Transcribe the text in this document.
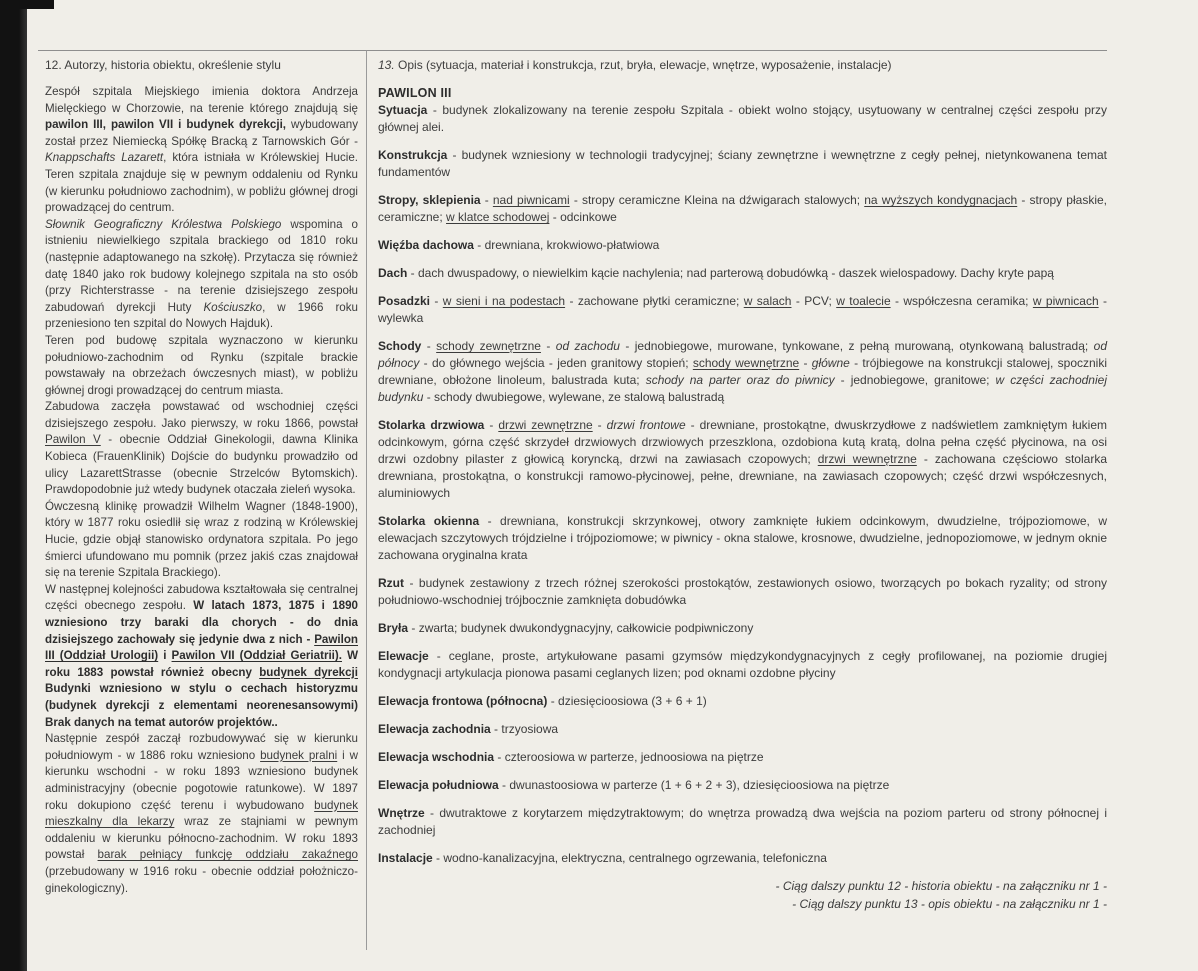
12. Autorzy, historia obiektu, określenie stylu

Zespół szpitala Miejskiego imienia doktora Andrzeja Mielęckiego w Chorzowie, na terenie którego znajdują się pawilon III, pawilon VII i budynek dyrekcji, wybudowany został przez Niemiecką Spółkę Bracką z Tarnowskich Gór - Knappschafts Lazarett, która istniała w Królewskiej Hucie. Teren szpitala znajduje się w pewnym oddaleniu od Rynku (w kierunku południowo zachodnim), w pobliżu głównej drogi prowadzącej do centrum.

Słownik Geograficzny Królestwa Polskiego wspomina o istnieniu niewielkiego szpitala brackiego od 1810 roku (następnie adaptowanego na szkołę). Przytacza się również datę 1840 jako rok budowy kolejnego szpitala na sto osób (przy Richterstrasse - na terenie dzisiejszego zespołu zabudowań dyrekcji Huty Kościuszko, w 1966 roku przeniesiono ten szpital do Nowych Hajduk).

Teren pod budowę szpitala wyznaczono w kierunku południowo-zachodnim od Rynku (szpitale brackie powstawały na obrzeżach ówczesnych miast), w pobliżu głównej drogi prowadzącej do centrum miasta.

Zabudowa zaczęła powstawać od wschodniej części dzisiejszego zespołu. Jako pierwszy, w roku 1866, powstał Pawilon V - obecnie Oddział Ginekologii, dawna Klinika Kobieca (FrauenKlinik) Dojście do budynku prowadziło od ulicy LazarettStrasse (obecnie Strzelców Bytomskich). Prawdopodobnie już wtedy budynek otaczała zieleń wysoka.

Ówczesną klinikę prowadził Wilhelm Wagner (1848-1900), który w 1877 roku osiedlił się wraz z rodziną w Królewskiej Hucie, gdzie objął stanowisko ordynatora szpitala. Po jego śmierci ufundowano mu pomnik (przez jakiś czas znajdował się na terenie Szpitala Brackiego).

W następnej kolejności zabudowa kształtowała się centralnej części obecnego zespołu. W latach 1873, 1875 i 1890 wzniesiono trzy baraki dla chorych - do dnia dzisiejszego zachowały się jedynie dwa z nich - Pawilon III (Oddział Urologii) i Pawilon VII (Oddział Geriatrii). W roku 1883 powstał również obecny budynek dyrekcji Budynki wzniesiono w stylu o cechach historyzmu (budynek dyrekcji z elementami neorenesansowymi) Brak danych na temat autorów projektów..

Następnie zespół zaczął rozbudowywać się w kierunku południowym - w 1886 roku wzniesiono budynek pralni i w kierunku wschodni - w roku 1893 wzniesiono budynek administracyjny (obecnie pogotowie ratunkowe). W 1897 roku dokupiono część terenu i wybudowano budynek mieszkalny dla lekarzy wraz ze stajniami w pewnym oddaleniu w kierunku północno-zachodnim. W roku 1893 powstał barak pełniący funkcję oddziału zakaźnego (przebudowany w 1916 roku - obecnie oddział położniczo-ginekologiczny).

13. Opis (sytuacja, materiał i konstrukcja, rzut, bryła, elewacje, wnętrze, wyposażenie, instalacje)
PAWILON III

Sytuacja - budynek zlokalizowany na terenie zespołu Szpitala - obiekt wolno stojący, usytuowany w centralnej części zespołu przy głównej alei.

Konstrukcja - budynek wzniesiony w technologii tradycyjnej; ściany zewnętrzne i wewnętrzne z cegły pełnej, nietynkowanena temat fundamentów

Stropy, sklepienia - nad piwnicami - stropy ceramiczne Kleina na dźwigarach stalowych; na wyższych kondygnacjach - stropy płaskie, ceramiczne; w klatce schodowej - odcinkowe

Więźba dachowa - drewniana, krokwiowo-płatwiowa

Dach - dach dwuspadowy, o niewielkim kącie nachylenia; nad parterową dobudówką - daszek wielospadowy. Dachy kryte papą

Posadzki - w sieni i na podestach - zachowane płytki ceramiczne; w salach - PCV; w toalecie - współczesna ceramika; w piwnicach - wylewka

Schody - schody zewnętrzne - od zachodu - jednobiegowe, murowane, tynkowane, z pełną murowaną, otynkowaną balustradą; od północy - do głównego wejścia - jeden granitowy stopień; schody wewnętrzne - główne - trójbiegowe na konstrukcji stalowej, spoczniki drewniane, obłożone linoleum, balustrada kuta; schody na parter oraz do piwnicy - jednobiegowe, granitowe; w części zachodniej budynku - schody dwubiegowe, wylewane, ze stalową balustradą

Stolarka drzwiowa - drzwi zewnętrzne - drzwi frontowe - drewniane, prostokątne, dwuskrzydłowe z nadświetlem zamkniętym łukiem odcinkowym, górna część skrzydeł drzwiowych drzwiowych przeszklona, ozdobiona kutą kratą, dolna pełna część płycinowa, na osi drzwi ozdobny pilaster z głowicą koryncką, drzwi na zawiasach czopowych; drzwi wewnętrzne - zachowana częściowo stolarka drewniana, prostokątna, o konstrukcji ramowo-płycinowej, pełne, drewniane, na zawiasach czopowych; część drzwi współczesnych, aluminiowych

Stolarka okienna - drewniana, konstrukcji skrzynkowej, otwory zamknięte łukiem odcinkowym, dwudzielne, trójpoziomowe, w elewacjach szczytowych trójdzielne i trójpoziomowe; w piwnicy - okna stalowe, krosnowe, dwudzielne, jednopoziomowe, w jednym oknie zachowana oryginalna krata

Rzut - budynek zestawiony z trzech różnej szerokości prostokątów, zestawionych osiowo, tworzących po bokach ryzality; od strony południowo-wschodniej trójbocznie zamknięta dobudówka

Bryła - zwarta; budynek dwukondygnacyjny, całkowicie podpiwniczony

Elewacje - ceglane, proste, artykułowane pasami gzymsów międzykondygnacyjnych z cegły profilowanej, na poziomie drugiej kondygnacji artykulacja pionowa pasami ceglanych lizen; pod oknami ozdobne płyciny

Elewacja frontowa (północna) - dziesięcioosiowa (3 + 6 + 1)

Elewacja zachodnia - trzyosiowa

Elewacja wschodnia - czteroosiowa w parterze, jednoosiowa na piętrze

Elewacja południowa - dwunastoosiowa w parterze (1 + 6 + 2 + 3), dziesięcioosiowa na piętrze

Wnętrze - dwutraktowe z korytarzem międzytraktowym; do wnętrza prowadzą dwa wejścia na poziom parteru od strony północnej i zachodniej

Instalacje - wodno-kanalizacyjna, elektryczna, centralnego ogrzewania, telefoniczna

- Ciąg dalszy punktu 12 - historia obiektu - na załączniku nr 1 -
- Ciąg dalszy punktu 13 - opis obiektu - na załączniku nr 1 -
